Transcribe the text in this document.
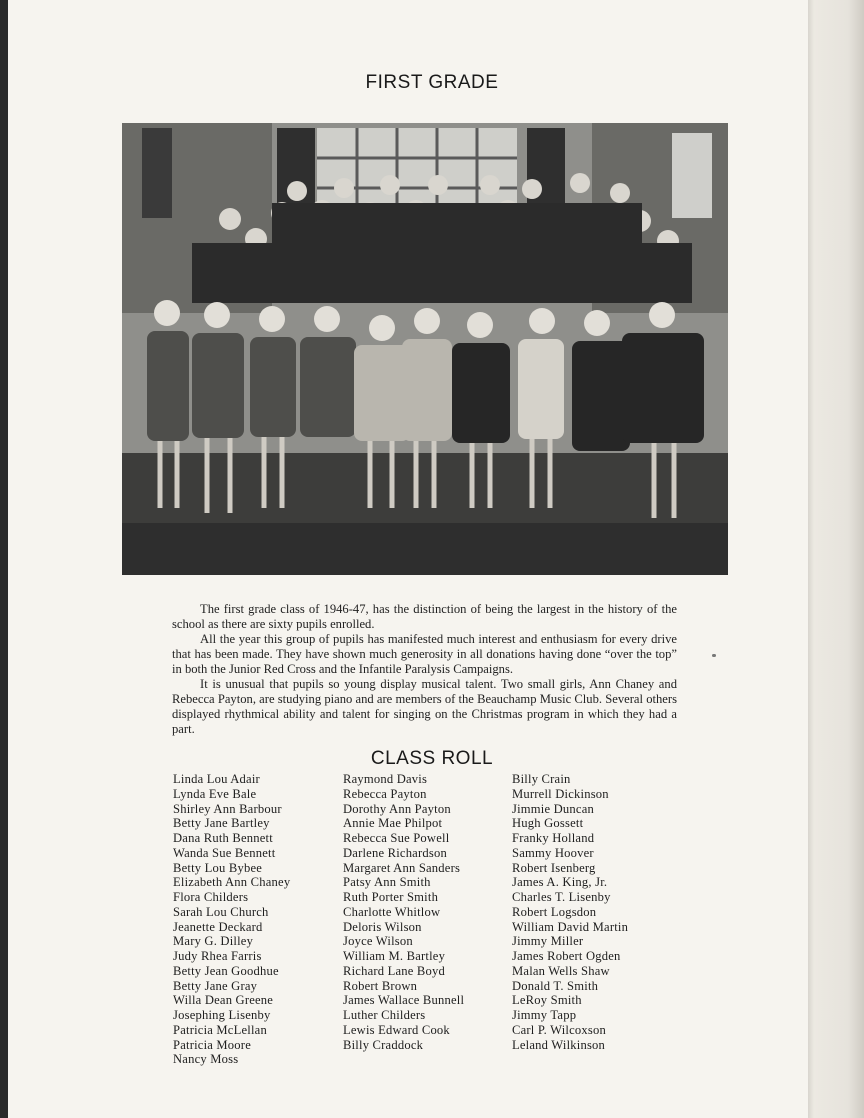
FIRST GRADE

The first grade class of 1946-47, has the distinction of being the largest in the history of the school as there are sixty pupils enrolled.

All the year this group of pupils has manifested much interest and enthusiasm for every drive that has been made. They have shown much generosity in all donations having done “over the top” in both the Junior Red Cross and the Infantile Paralysis Campaigns.

It is unusual that pupils so young display musical talent. Two small girls, Ann Chaney and Rebecca Payton, are studying piano and are members of the Beauchamp Music Club. Several others displayed rhythmical ability and talent for singing on the Christmas program in which they had a part.

CLASS ROLL
Linda Lou Adair
Lynda Eve Bale
Shirley Ann Barbour
Betty Jane Bartley
Dana Ruth Bennett
Wanda Sue Bennett
Betty Lou Bybee
Elizabeth Ann Chaney
Flora Childers
Sarah Lou Church
Jeanette Deckard
Mary G. Dilley
Judy Rhea Farris
Betty Jean Goodhue
Betty Jane Gray
Willa Dean Greene
Josephing Lisenby
Patricia McLellan
Patricia Moore
Nancy Moss
Raymond Davis
Rebecca Payton
Dorothy Ann Payton
Annie Mae Philpot
Rebecca Sue Powell
Darlene Richardson
Margaret Ann Sanders
Patsy Ann Smith
Ruth Porter Smith
Charlotte Whitlow
Deloris Wilson
Joyce Wilson
William M. Bartley
Richard Lane Boyd
Robert Brown
James Wallace Bunnell
Luther Childers
Lewis Edward Cook
Billy Craddock
Billy Crain
Murrell Dickinson
Jimmie Duncan
Hugh Gossett
Franky Holland
Sammy Hoover
Robert Isenberg
James A. King, Jr.
Charles T. Lisenby
Robert Logsdon
William David Martin
Jimmy Miller
James Robert Ogden
Malan Wells Shaw
Donald T. Smith
LeRoy Smith
Jimmy Tapp
Carl P. Wilcoxson
Leland Wilkinson
